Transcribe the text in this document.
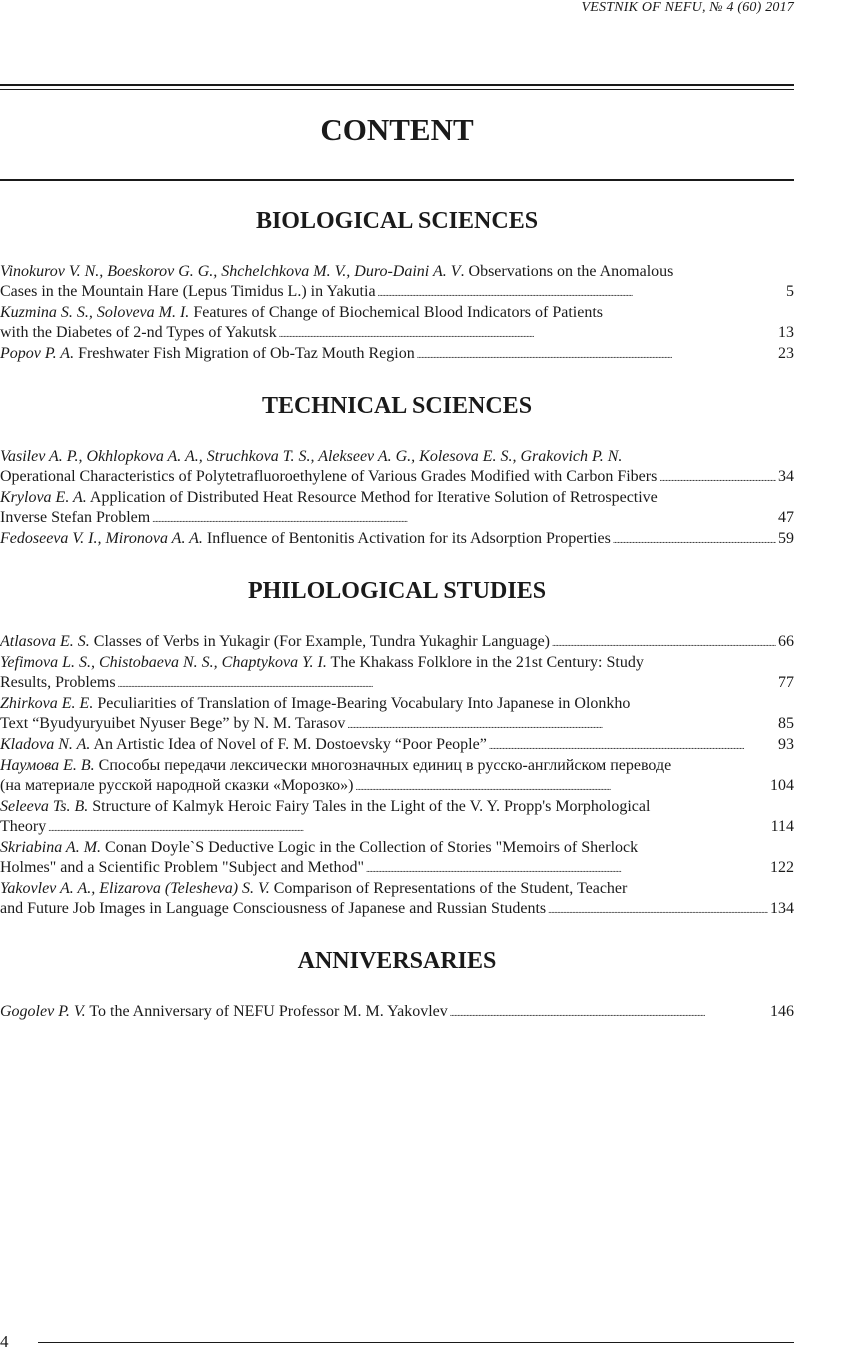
VESTNIK OF NEFU, № 4 (60) 2017
CONTENT
BIOLOGICAL SCIENCES
Vinokurov V. N., Boeskorov G. G., Shchelchkova M. V., Duro-Daini A. V. Observations on the Anomalous
Cases in the Mountain Hare (Lepus Timidus L.) in Yakutia . . .	5
Kuzmina S. S., Soloveva M. I. Features of Change of Biochemical Blood Indicators of Patients
with the Diabetes of 2-nd Types of Yakutsk . . .	13
Popov P. A. Freshwater Fish Migration of Ob-Taz Mouth Region . . .	23
TECHNICAL SCIENCES
Vasilev A. P., Okhlopkova A. A., Struchkova T. S., Alekseev A. G., Kolesova E. S., Grakovich P. N.
Operational Characteristics of Polytetrafluoroethylene of Various Grades Modified with Carbon Fibers . . .	34
Krylova E. A. Application of Distributed Heat Resource Method for Iterative Solution of Retrospective
Inverse Stefan Problem . . .	47
Fedoseeva V. I., Mironova A. A. Influence of Bentonitis Activation for its Adsorption Properties . . .	59
PHILOLOGICAL STUDIES
Atlasova E. S. Classes of Verbs in Yukagir (For Example, Tundra Yukaghir Language) . . .	66
Yefimova L. S., Chistobaeva N. S., Chaptykova Y. I. The Khakass Folklore in the 21st Century: Study
Results, Problems . . .	77
Zhirkova E. E. Peculiarities of Translation of Image-Bearing Vocabulary Into Japanese in Olonkho
Text “Byudyuryuibet Nyuser Bege” by N. M. Tarasov . . .	85
Kladova N. A. An Artistic Idea of Novel of F. M. Dostoevsky “Poor People” . . .	93
Наумова Е. В. Способы передачи лексически многозначных единиц в русско-английском переводе
(на материале русской народной сказки «Морозко») . . .	104
Seleeva Ts. B. Structure of Kalmyk Heroic Fairy Tales in the Light of the V. Y. Propp's Morphological
Theory . . .	114
Skriabina A. M. Conan Doyle`S Deductive Logic in the Collection of Stories "Memoirs of Sherlock
Holmes" and a Scientific Problem "Subject and Method" . . .	122
Yakovlev A. A., Elizarova (Telesheva) S. V. Comparison of Representations of the Student, Teacher
and Future Job Images in Language Consciousness of Japanese and Russian Students . . .	134
ANNIVERSARIES
Gogolev P. V. To the Anniversary of NEFU Professor M. M. Yakovlev . . .	146
4
